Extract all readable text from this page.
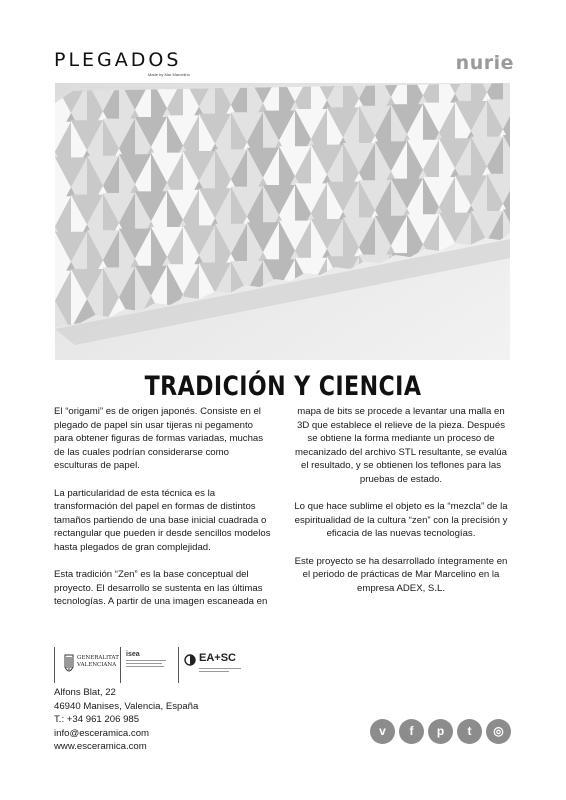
PLEGADOS
Made by Mar Marcelino
nurie
TRADICIÓN Y CIENCIA

El “origami” es de origen japonés. Consiste en el plegado de papel sin usar tijeras ni pegamento para obtener figuras de formas variadas, muchas de las cuales podrían considerarse como esculturas de papel.

La particularidad de esta técnica es la transformación del papel en formas de distintos tamaños partiendo de una base inicial cuadrada o rectangular que pueden ir desde sencillos modelos hasta plegados de gran complejidad.

Esta tradición “Zen” es la base conceptual del proyecto. El desarrollo se sustenta en las últimas tecnologías. A partir de una imagen escaneada en

mapa de bits se procede a levantar una malla en 3D que establece el relieve de la pieza. Después se obtiene la forma mediante un proceso de mecanizado del archivo STL resultante, se evalúa el resultado, y se obtienen los teflones para las pruebas de estado.

Lo que hace sublime el objeto es la “mezcla” de la espiritualidad de la cultura “zen” con la precisión y eficacia de las nuevas tecnologías.

Este proyecto se ha desarrollado íntegramente en el periodo de prácticas de Mar Marcelino en la empresa ADEX, S.L.

GENERALITAT
VALENCIANA
isea	EA+SC
Alfons Blat, 22
46940 Manises, Valencia, España
T.: +34 961 206 985
info@esceramica.com
www.esceramica.com
v	f	p	t	◎
